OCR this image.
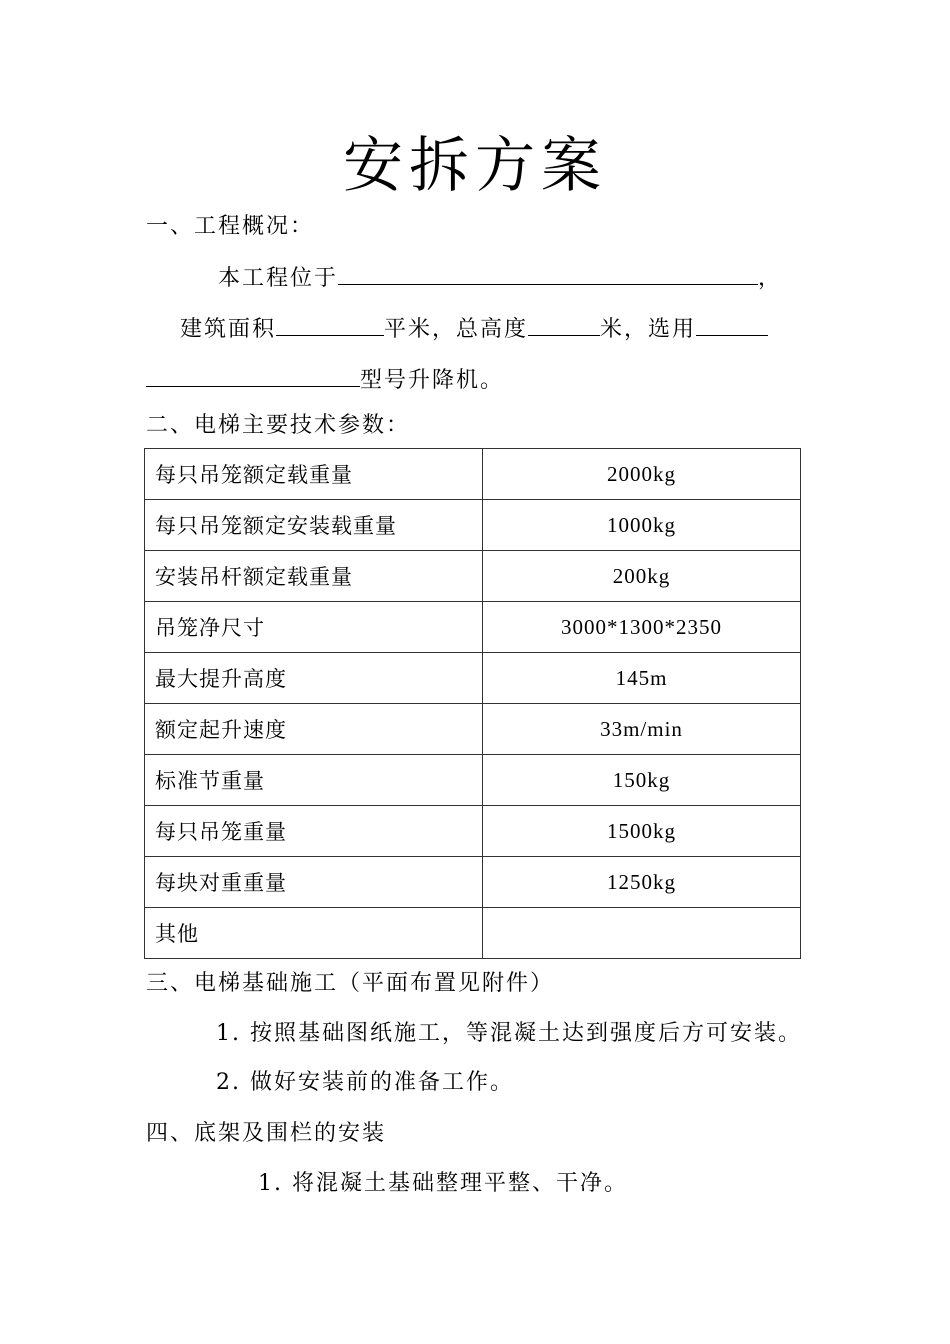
安拆方案
一、工程概况：
本工程位于	，
建筑面积	平米，总高度	米，选用
型号升降机。
二、电梯主要技术参数：
每只吊笼额定载重量	2000kg
每只吊笼额定安装载重量	1000kg
安装吊杆额定载重量	200kg
吊笼净尺寸	3000*1300*2350
最大提升高度	145m
额定起升速度	33m/min
标准节重量	150kg
每只吊笼重量	1500kg
每块对重重量	1250kg
其他	
三、电梯基础施工（平面布置见附件）
1. 按照基础图纸施工，等混凝土达到强度后方可安装。
2. 做好安装前的准备工作。
四、底架及围栏的安装
1. 将混凝土基础整理平整、干净。
